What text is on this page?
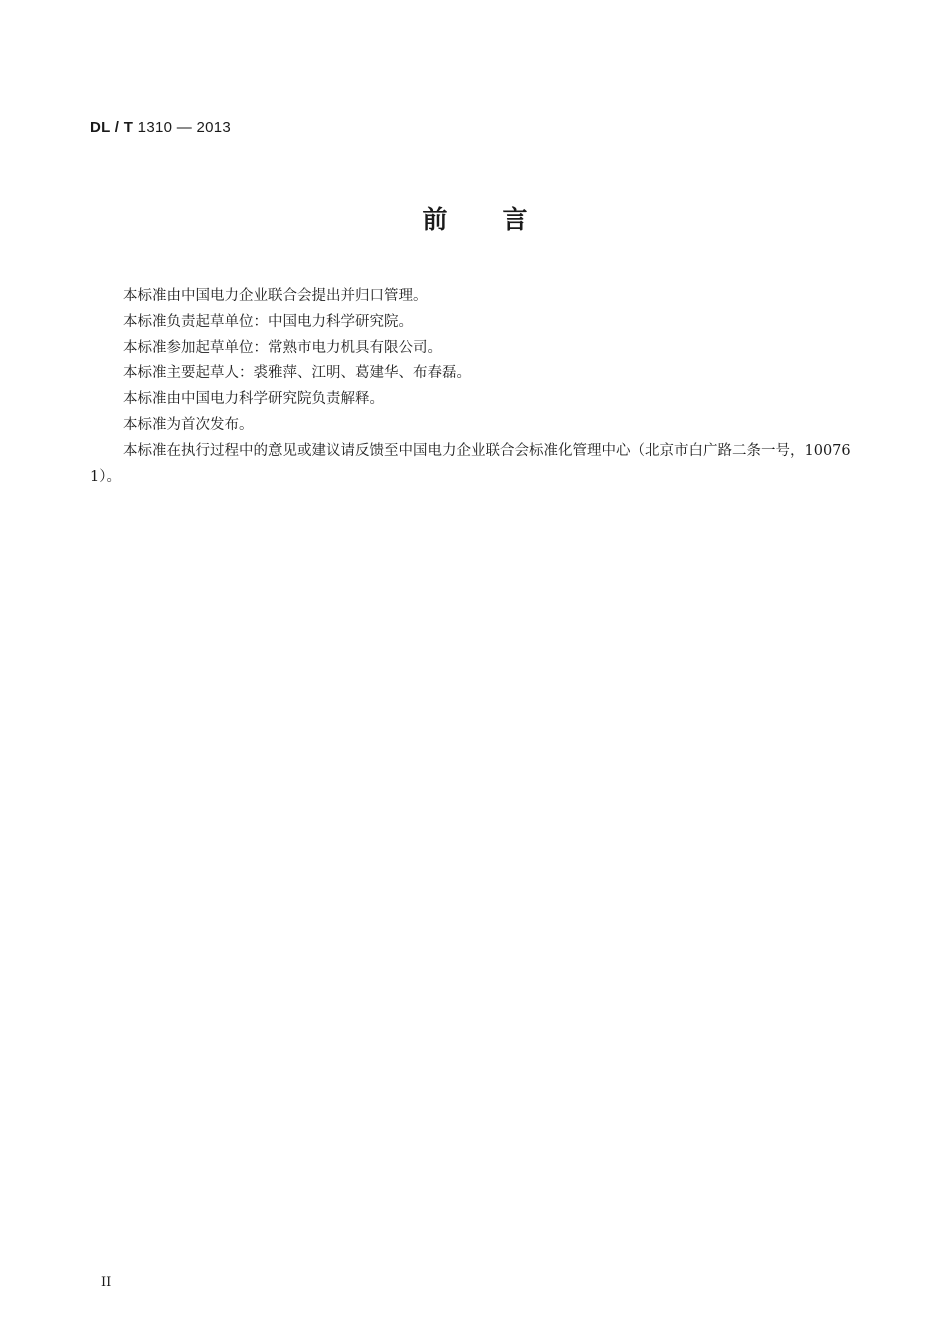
DL / T 1310 — 2013
前言

本标准由中国电力企业联合会提出并归口管理。

本标准负责起草单位：中国电力科学研究院。

本标准参加起草单位：常熟市电力机具有限公司。

本标准主要起草人：裘雅萍、江明、葛建华、布春磊。

本标准由中国电力科学研究院负责解释。

本标准为首次发布。

本标准在执行过程中的意见或建议请反馈至中国电力企业联合会标准化管理中心（北京市白广路二条一号，100761）。

II
